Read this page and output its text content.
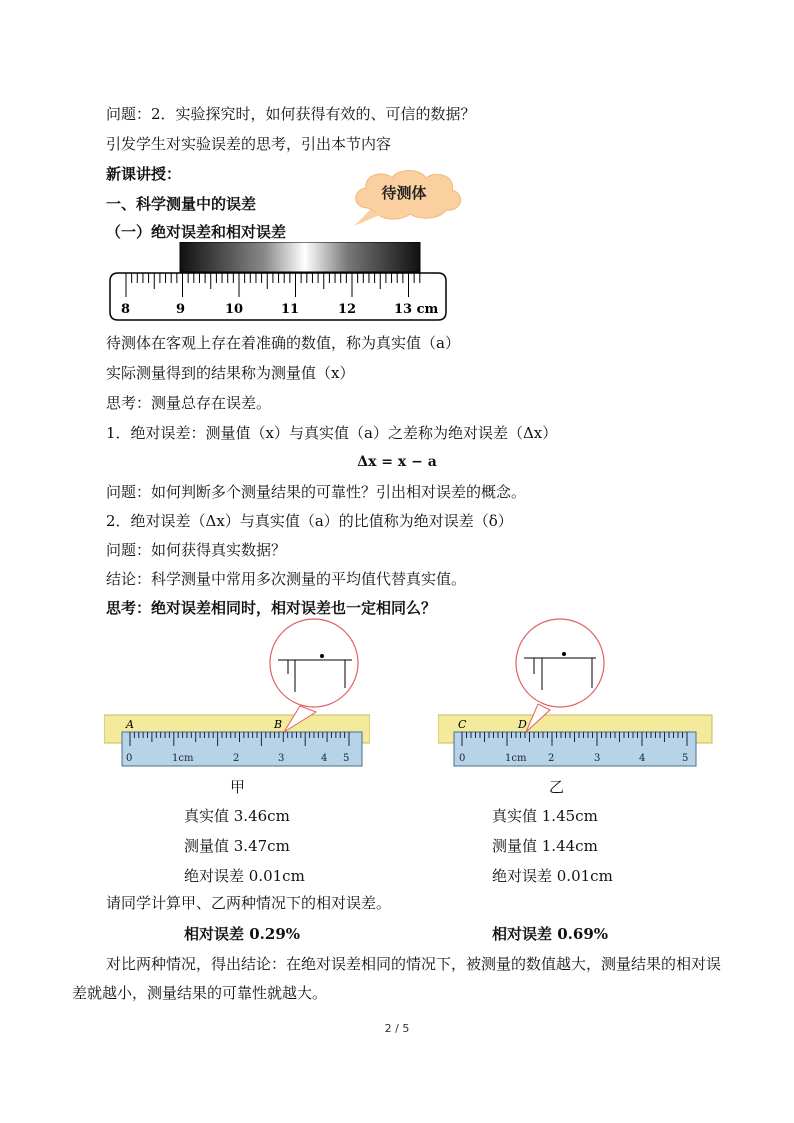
问题：2．实验探究时，如何获得有效的、可信的数据？
引发学生对实验误差的思考，引出本节内容
新课讲授：
一、科学测量中的误差
（一）绝对误差和相对误差
待测体
8	9	10	11	12	13 cm
待测体在客观上存在着准确的数值，称为真实值（a）
实际测量得到的结果称为测量值（x）
思考：测量总存在误差。
1．绝对误差：测量值（x）与真实值（a）之差称为绝对误差（Δx）
Δx = x − a
问题：如何判断多个测量结果的可靠性？引出相对误差的概念。
2．绝对误差（Δx）与真实值（a）的比值称为绝对误差（δ）
问题：如何获得真实数据？
结论：科学测量中常用多次测量的平均值代替真实值。
思考：绝对误差相同时，相对误差也一定相同么？
0	1cm	2	3	4 5
A	B
0	1cm 2	3	4	5
C	D
甲	乙
真实值 3.46cm	真实值 1.45cm
测量值 3.47cm	测量值 1.44cm
绝对误差 0.01cm	绝对误差 0.01cm
请同学计算甲、乙两种情况下的相对误差。
相对误差 0.29%	相对误差 0.69%
对比两种情况，得出结论：在绝对误差相同的情况下，被测量的数值越大，测量结果的相对误差就越小，测量结果的可靠性就越大。
2 / 5
